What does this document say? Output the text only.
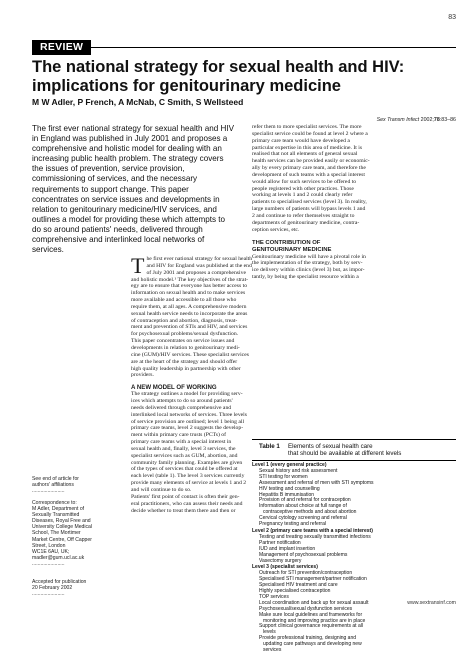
83
REVIEW
The national strategy for sexual health and HIV:
implications for genitourinary medicine
M W Adler, P French, A McNab, C Smith, S Wellsteed
Sex Transm Infect 2002;78:83–86

The first ever national strategy for sexual health and HIV
in England was published in July 2001 and proposes a
comprehensive and holistic model for dealing with an
increasing public health problem. The strategy covers
the issues of prevention, service provision,
commissioning of services, and the necessary
requirements to support change. This paper
concentrates on service issues and developments in
relation to genitourinary medicine/HIV services, and
outlines a model for providing these which attempts to
do so around patients' needs, delivered through
comprehensive and interlinked local networks of
services.

See end of article for
authors' affiliations
.......................
Correspondence to:
M Adler, Department of
Sexually Transmitted
Diseases, Royal Free and
University College Medical
School, The Mortimer
Market Centre, Off Capper
Street, London
WC1E 6AU, UK;
madler@gum.ucl.ac.uk
.......................
Accepted for publication
20 February 2002
.......................

T he first ever national strategy for sexual health
and HIV for England was published at the end
of July 2001 and proposes a comprehensive
and holistic model.¹ The key objectives of the strat-
egy are to ensure that everyone has better access to
information on sexual health and to make services
more available and accessible to all those who
require them, at all ages. A comprehensive modern
sexual health service needs to incorporate the areas
of contraception and abortion, diagnosis, treat-
ment and prevention of STIs and HIV, and services
for psychosexual problems/sexual dysfunction.
This paper concentrates on service issues and
developments in relation to genitourinary medi-
cine (GUM)/HIV services. These specialist services
are at the heart of the strategy and should offer
high quality leadership in partnership with other
providers.

A NEW MODEL OF WORKING

The strategy outlines a model for providing serv-
ices which attempts to do so around patients'
needs delivered through comprehensive and
interlinked local networks of services. Three levels
of service provision are outlined; level 1 being all
primary care teams, level 2 suggests the develop-
ment within primary care trusts (PCTs) of
primary care teams with a special interest in
sexual health and, finally, level 3 services, the
specialist services such as GUM, abortion, and
community family planning. Examples are given
of the types of services that could be offered at
each level (table 1). The level 3 services currently
provide many elements of service at levels 1 and 2
and will continue to do so.
Patients' first point of contact is often their gen-
eral practitioners, who can assess their needs and
decide whether to treat them there and then or

refer them to more specialist services. The more
specialist service could be found at level 2 where a
primary care team would have developed a
particular expertise in this area of medicine. It is
realised that not all elements of general sexual
health services can be provided easily or economic-
ally by every primary care team, and therefore the
development of such teams with a special interest
would allow for such services to be offered to
people registered with other practices. Those
working at levels 1 and 2 could clearly refer
patients to specialised services (level 3). In reality,
large numbers of patients will bypass levels 1 and
2 and continue to refer themselves straight to
departments of genitourinary medicine, contra-
ception services, etc.

THE CONTRIBUTION OF
GENITOURINARY MEDICINE

Genitourinary medicine will have a pivotal role in
the implementation of the strategy, both by serv-
ice delivery within clinics (level 3) but, as impor-
tantly, by being the specialist resource within a

Table 1	Elements of sexual health care
that should be available at different levels
Level 1 (every general practice)
Sexual history and risk assessment
STI testing for women
Assessment and referral of men with STI symptoms
HIV testing and counselling
Hepatitis B immunisation
Provision of and referral for contraception
Information about choice at full range of
contraceptive methods and about abortion
Cervical cytology screening and referral
Pregnancy testing and referral
Level 2 (primary care teams with a special interest)
Testing and treating sexually transmitted infections
Partner notification
IUD and implant insertion
Management of psychosexual problems
Vasectomy surgery
Level 3 (specialist services)
Outreach for STI prevention/contraception
Specialised STI management/partner notification
Specialised HIV treatment and care
Highly specialised contraception
TOP services
Local coordination and back up for sexual assault
Psychosexual/sexual dysfunction services
Make sure local guidelines and frameworks for
monitoring and improving practice are in place
Support clinical governance requirements at all
levels
Provide professional training, designing and
updating care pathways and developing new
services
www.sextransinf.com
